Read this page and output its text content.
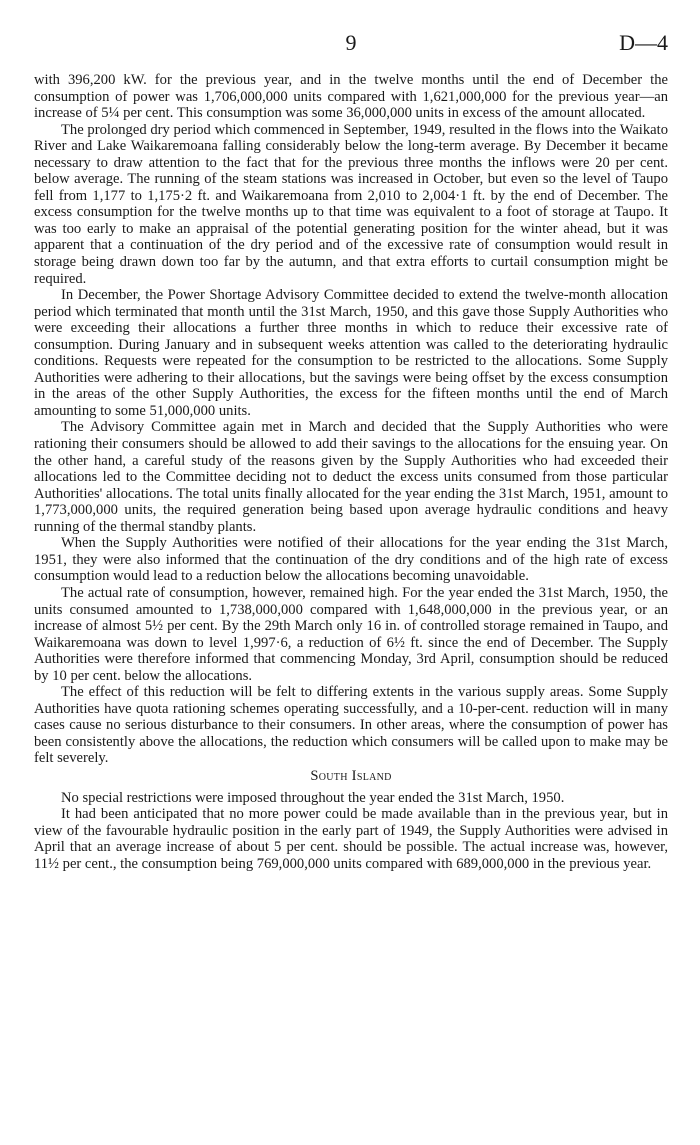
9	D—4

with 396,200 kW. for the previous year, and in the twelve months until the end of December the consumption of power was 1,706,000,000 units compared with 1,621,000,000 for the previous year—an increase of 5¼ per cent. This consumption was some 36,000,000 units in excess of the amount allocated.

The prolonged dry period which commenced in September, 1949, resulted in the flows into the Waikato River and Lake Waikaremoana falling considerably below the long-term average. By December it became necessary to draw attention to the fact that for the previous three months the inflows were 20 per cent. below average. The running of the steam stations was increased in October, but even so the level of Taupo fell from 1,177 to 1,175·2 ft. and Waikaremoana from 2,010 to 2,004·1 ft. by the end of December. The excess consumption for the twelve months up to that time was equivalent to a foot of storage at Taupo. It was too early to make an appraisal of the potential generating position for the winter ahead, but it was apparent that a continuation of the dry period and of the excessive rate of consumption would result in storage being drawn down too far by the autumn, and that extra efforts to curtail consumption might be required.

In December, the Power Shortage Advisory Committee decided to extend the twelve-month allocation period which terminated that month until the 31st March, 1950, and this gave those Supply Authorities who were exceeding their allocations a further three months in which to reduce their excessive rate of consumption. During January and in subsequent weeks attention was called to the deteriorating hydraulic conditions. Requests were repeated for the consumption to be restricted to the allocations. Some Supply Authorities were adhering to their allocations, but the savings were being offset by the excess consumption in the areas of the other Supply Authorities, the excess for the fifteen months until the end of March amounting to some 51,000,000 units.

The Advisory Committee again met in March and decided that the Supply Authorities who were rationing their consumers should be allowed to add their savings to the allocations for the ensuing year. On the other hand, a careful study of the reasons given by the Supply Authorities who had exceeded their allocations led to the Committee deciding not to deduct the excess units consumed from those particular Authorities' allocations. The total units finally allocated for the year ending the 31st March, 1951, amount to 1,773,000,000 units, the required generation being based upon average hydraulic conditions and heavy running of the thermal standby plants.

When the Supply Authorities were notified of their allocations for the year ending the 31st March, 1951, they were also informed that the continuation of the dry conditions and of the high rate of excess consumption would lead to a reduction below the allocations becoming unavoidable.

The actual rate of consumption, however, remained high. For the year ended the 31st March, 1950, the units consumed amounted to 1,738,000,000 compared with 1,648,000,000 in the previous year, or an increase of almost 5½ per cent. By the 29th March only 16 in. of controlled storage remained in Taupo, and Waikaremoana was down to level 1,997·6, a reduction of 6½ ft. since the end of December. The Supply Authorities were therefore informed that commencing Monday, 3rd April, consumption should be reduced by 10 per cent. below the allocations.

The effect of this reduction will be felt to differing extents in the various supply areas. Some Supply Authorities have quota rationing schemes operating successfully, and a 10-per-cent. reduction will in many cases cause no serious disturbance to their consumers. In other areas, where the consumption of power has been consistently above the allocations, the reduction which consumers will be called upon to make may be felt severely.

South Island

No special restrictions were imposed throughout the year ended the 31st March, 1950.

It had been anticipated that no more power could be made available than in the previous year, but in view of the favourable hydraulic position in the early part of 1949, the Supply Authorities were advised in April that an average increase of about 5 per cent. should be possible. The actual increase was, however, 11½ per cent., the consumption being 769,000,000 units compared with 689,000,000 in the previous year.
